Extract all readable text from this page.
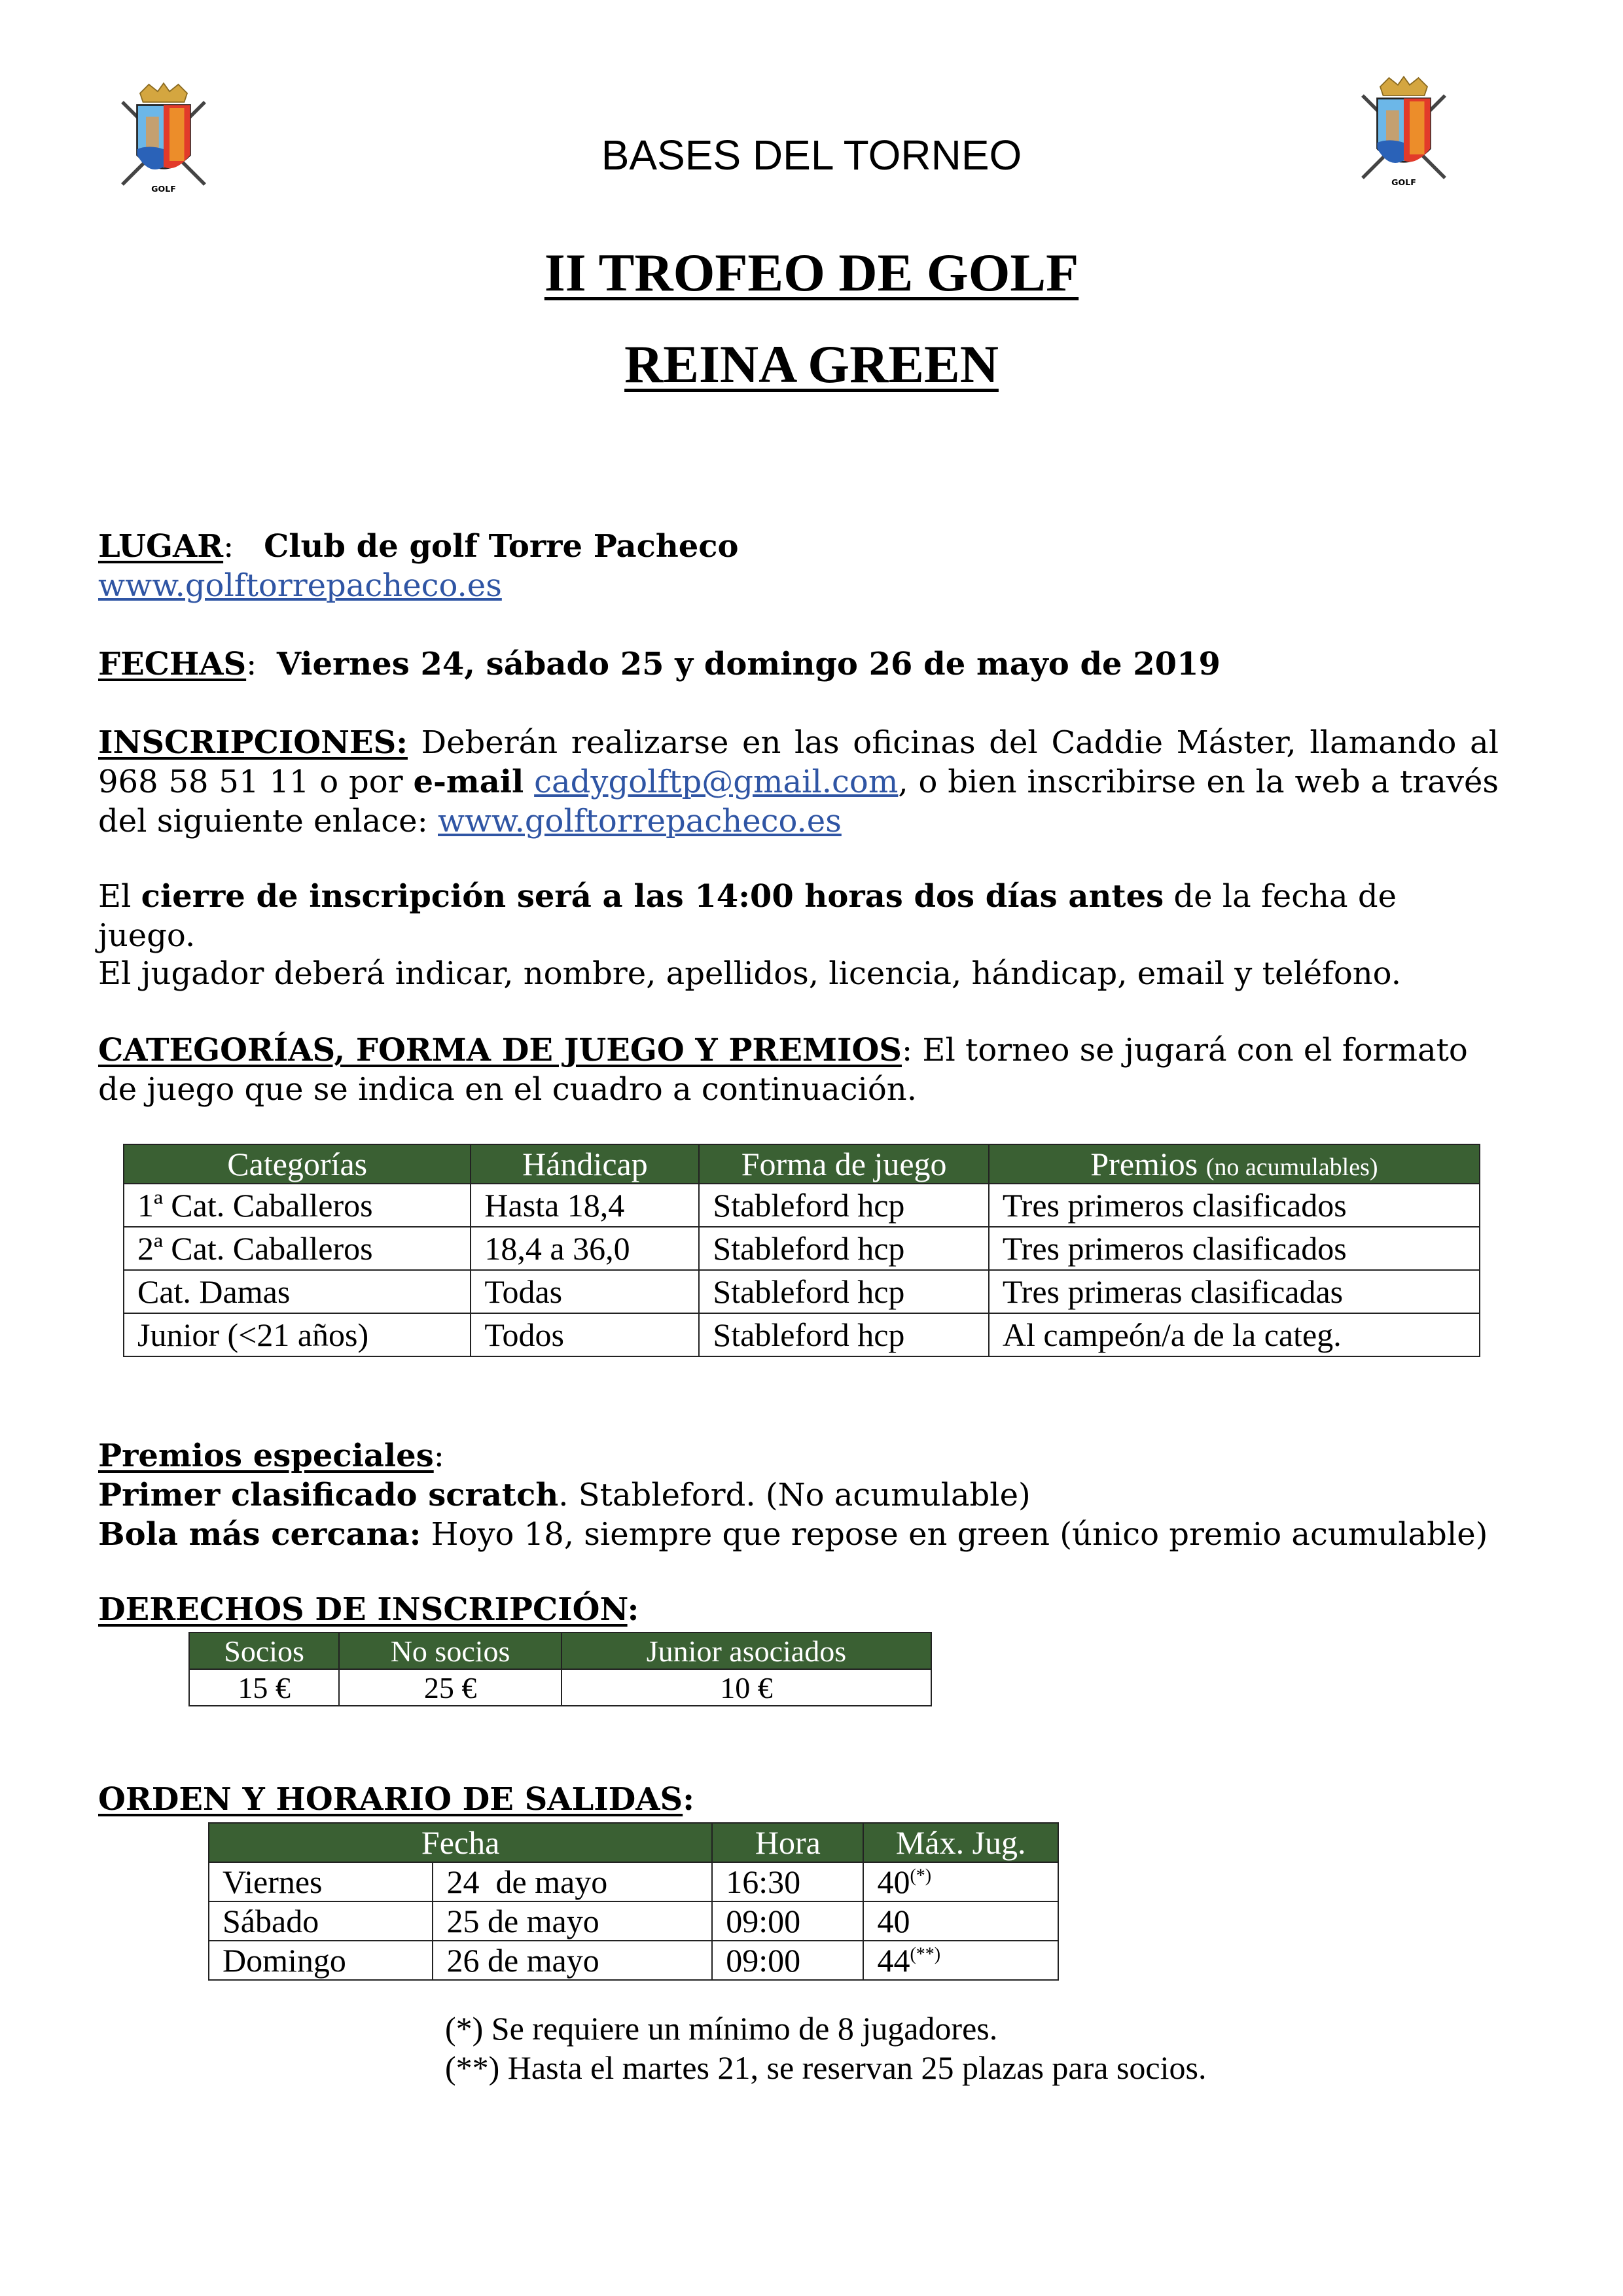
GOLF
GOLF
BASES DEL TORNEO
II TROFEO DE GOLF
REINA GREEN
LUGAR: Club de golf Torre Pacheco
www.golftorrepacheco.es
FECHAS: Viernes 24, sábado 25 y domingo 26 de mayo de 2019
INSCRIPCIONES: Deberán realizarse en las oficinas del Caddie Máster, llamando al 968 58 51 11 o por e-mail cadygolftp@gmail.com, o bien inscribirse en la web a través del siguiente enlace: www.golftorrepacheco.es
El cierre de inscripción será a las 14:00 horas dos días antes de la fecha de juego.
El jugador deberá indicar, nombre, apellidos, licencia, hándicap, email y teléfono.
CATEGORÍAS, FORMA DE JUEGO Y PREMIOS: El torneo se jugará con el formato de juego que se indica en el cuadro a continuación.
Categorías	Hándicap	Forma de juego	Premios (no acumulables)
1ª Cat. Caballeros	Hasta 18,4	Stableford hcp	Tres primeros clasificados
2ª Cat. Caballeros	18,4 a 36,0	Stableford hcp	Tres primeros clasificados
Cat. Damas	Todas	Stableford hcp	Tres primeras clasificadas
Junior (<21 años)	Todos	Stableford hcp	Al campeón/a de la categ.
Premios especiales:
Primer clasificado scratch. Stableford. (No acumulable)
Bola más cercana: Hoyo 18, siempre que repose en green (único premio acumulable)
DERECHOS DE INSCRIPCIÓN:
Socios	No socios	Junior asociados
15 €	25 €	10 €
ORDEN Y HORARIO DE SALIDAS:
Fecha		Hora	Máx. Jug.
Viernes	24  de mayo	16:30	40(*)
Sábado	25 de mayo	09:00	40
Domingo	26 de mayo	09:00	44(**)
(*) Se requiere un mínimo de 8 jugadores.
(**) Hasta el martes 21, se reservan 25 plazas para socios.
